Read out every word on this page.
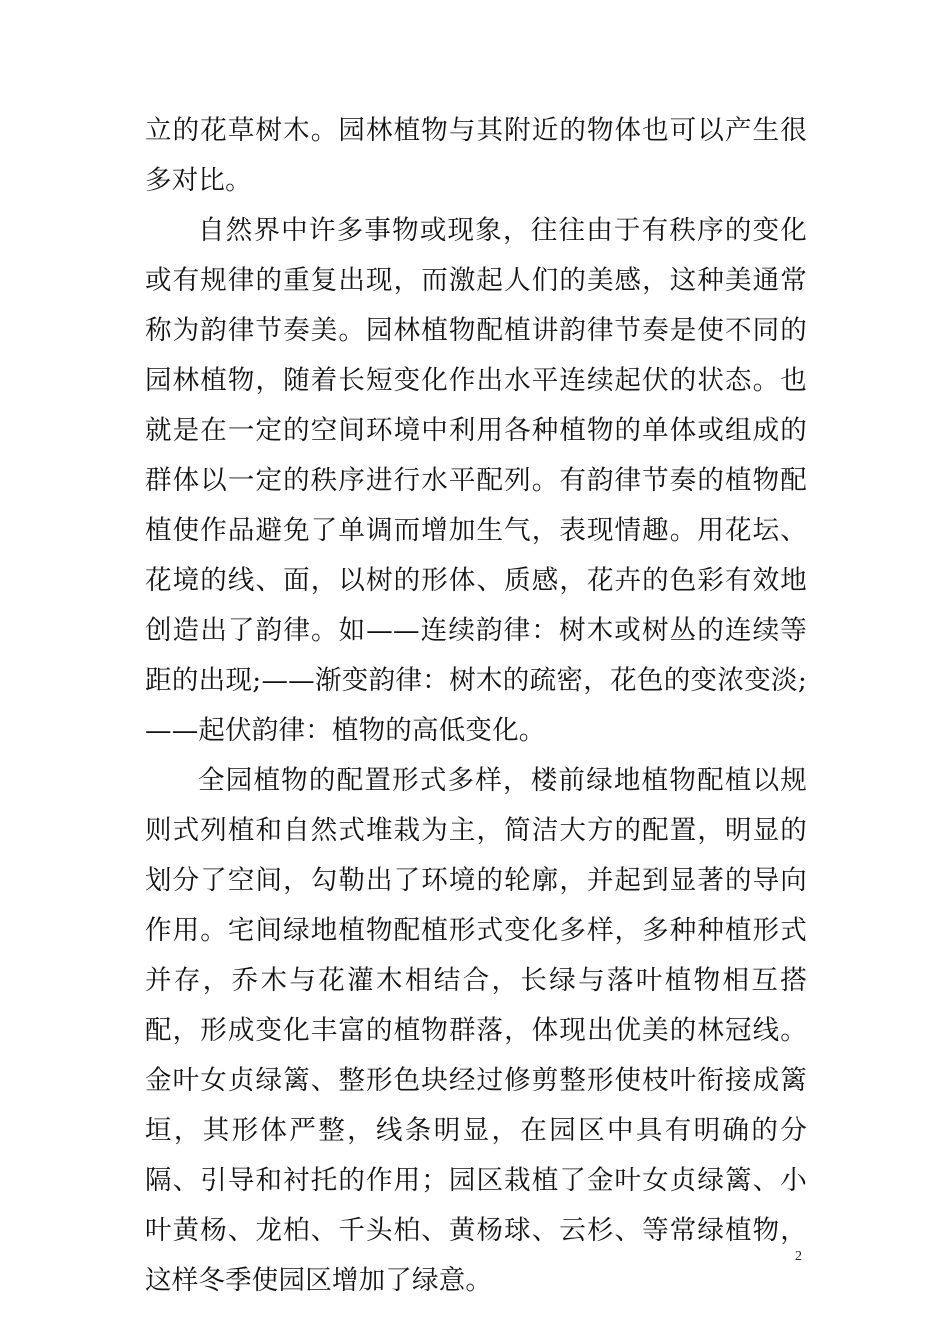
立的花草树木。园林植物与其附近的物体也可以产生很多对比。

自然界中许多事物或现象，往往由于有秩序的变化或有规律的重复出现，而激起人们的美感，这种美通常称为韵律节奏美。园林植物配植讲韵律节奏是使不同的园林植物，随着长短变化作出水平连续起伏的状态。也就是在一定的空间环境中利用各种植物的单体或组成的群体以一定的秩序进行水平配列。有韵律节奏的植物配植使作品避免了单调而增加生气，表现情趣。用花坛、花境的线、面，以树的形体、质感，花卉的色彩有效地创造出了韵律。如——连续韵律：树木或树丛的连续等距的出现;——渐变韵律：树木的疏密，花色的变浓变淡;——起伏韵律：植物的高低变化。

全园植物的配置形式多样，楼前绿地植物配植以规则式列植和自然式堆栽为主，简洁大方的配置，明显的划分了空间，勾勒出了环境的轮廓，并起到显著的导向作用。宅间绿地植物配植形式变化多样，多种种植形式并存，乔木与花灌木相结合，长绿与落叶植物相互搭配，形成变化丰富的植物群落，体现出优美的林冠线。金叶女贞绿篱、整形色块经过修剪整形使枝叶衔接成篱垣，其形体严整，线条明显，在园区中具有明确的分隔、引导和衬托的作用；园区栽植了金叶女贞绿篱、小叶黄杨、龙柏、千头柏、黄杨球、云杉、等常绿植物，这样冬季使园区增加了绿意。

2
